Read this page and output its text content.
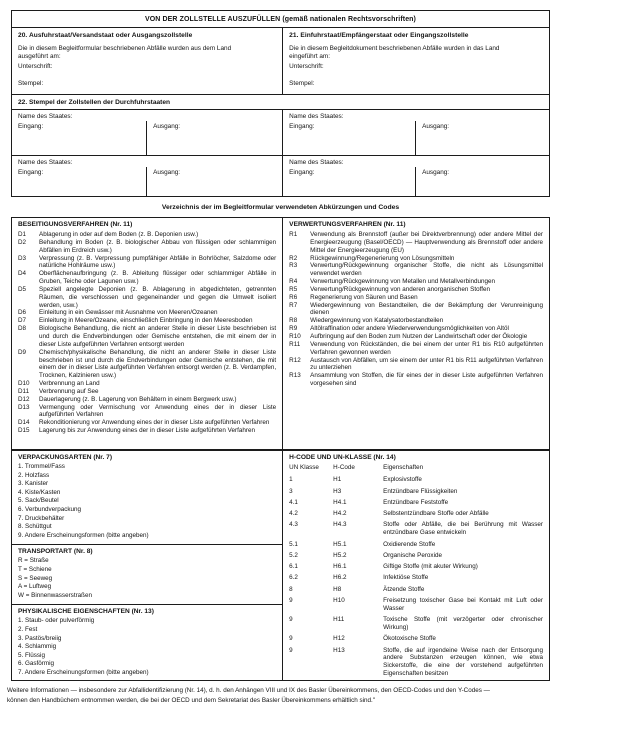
VON DER ZOLLSTELLE AUSZUFÜLLEN (gemäß nationalen Rechtsvorschriften)
20. Ausfuhrstaat/Versandstaat oder Ausgangszollstelle
Die in diesem Begleitformular beschriebenen Abfälle wurden aus dem Land ausgeführt am:
Unterschrift:
Stempel:
21. Einfuhrstaat/Empfängerstaat oder Eingangszollstelle
Die in diesem Begleitdokument beschriebenen Abfälle wurden in das Land eingeführt am:
Unterschrift:
Stempel:
22. Stempel der Zollstellen der Durchfuhrstaaten
Name des Staates:
Eingang:	Ausgang:
Name des Staates:
Eingang:	Ausgang:
Name des Staates:
Eingang:	Ausgang:
Name des Staates:
Eingang:	Ausgang:
Verzeichnis der im Begleitformular verwendeten Abkürzungen und Codes
BESEITIGUNGSVERFAHREN (Nr. 11)
D1	Ablagerung in oder auf dem Boden (z. B. Deponien usw.)
D2	Behandlung im Boden (z. B. biologischer Abbau von flüssigen oder schlammigen Abfällen im Erdreich usw.)
D3	Verpressung (z. B. Verpressung pumpfähiger Abfälle in Bohrlöcher, Salzdome oder natürliche Hohlräume usw.)
D4	Oberflächenaufbringung (z. B. Ableitung flüssiger oder schlammiger Abfälle in Gruben, Teiche oder Lagunen usw.)
D5	Speziell angelegte Deponien (z. B. Ablagerung in abgedichteten, getrennten Räumen, die verschlossen und gegeneinander und gegen die Umwelt isoliert werden, usw.)
D6	Einleitung in ein Gewässer mit Ausnahme von Meeren/Ozeanen
D7	Einleitung in Meere/Ozeane, einschließlich Einbringung in den Meeresboden
D8	Biologische Behandlung, die nicht an anderer Stelle in dieser Liste beschrieben ist und durch die Endverbindungen oder Gemische entstehen, die mit einem der in dieser Liste aufgeführten Verfahren entsorgt werden
D9	Chemisch/physikalische Behandlung, die nicht an anderer Stelle in dieser Liste beschrieben ist und durch die Endverbindungen oder Gemische entstehen, die mit einem der in dieser Liste aufgeführten Verfahren entsorgt werden (z. B. Verdampfen, Trocknen, Kalzinieren usw.)
D10	Verbrennung an Land
D11	Verbrennung auf See
D12	Dauerlagerung (z. B. Lagerung von Behältern in einem Bergwerk usw.)
D13	Vermengung oder Vermischung vor Anwendung eines der in dieser Liste aufgeführten Verfahren
D14	Rekonditionierung vor Anwendung eines der in dieser Liste aufgeführten Verfahren
D15	Lagerung bis zur Anwendung eines der in dieser Liste aufgeführten Verfahren
VERWERTUNGSVERFAHREN (Nr. 11)
R1	Verwendung als Brennstoff (außer bei Direktverbrennung) oder andere Mittel der Energieerzeugung (Basel/OECD) — Hauptverwendung als Brennstoff oder andere Mittel der Energieerzeugung (EU)
R2	Rückgewinnung/Regenerierung von Lösungsmitteln
R3	Verwertung/Rückgewinnung organischer Stoffe, die nicht als Lösungsmittel verwendet werden
R4	Verwertung/Rückgewinnung von Metallen und Metallverbindungen
R5	Verwertung/Rückgewinnung von anderen anorganischen Stoffen
R6	Regenerierung von Säuren und Basen
R7	Wiedergewinnung von Bestandteilen, die der Bekämpfung der Verunreinigung dienen
R8	Wiedergewinnung von Katalysatorbestandteilen
R9	Altölraffination oder andere Wiederverwendungsmöglichkeiten von Altöl
R10	Aufbringung auf den Boden zum Nutzen der Landwirtschaft oder der Ökologie
R11	Verwendung von Rückständen, die bei einem der unter R1 bis R10 aufgeführten Verfahren gewonnen werden
R12	Austausch von Abfällen, um sie einem der unter R1 bis R11 aufgeführten Verfahren zu unterziehen
R13	Ansammlung von Stoffen, die für eines der in dieser Liste aufgeführten Verfahren vorgesehen sind
VERPACKUNGSARTEN (Nr. 7)
1. Trommel/Fass
2. Holzfass
3. Kanister
4. Kiste/Kasten
5. Sack/Beutel
6. Verbundverpackung
7. Druckbehälter
8. Schüttgut
9. Andere Erscheinungsformen (bitte angeben)
TRANSPORTART (Nr. 8)
R = Straße
T = Schiene
S = Seeweg
A = Luftweg
W = Binnenwasserstraßen
PHYSIKALISCHE EIGENSCHAFTEN (Nr. 13)
1. Staub- oder pulverförmig
2. Fest
3. Pastös/breiig
4. Schlammig
5. Flüssig
6. Gasförmig
7. Andere Erscheinungsformen (bitte angeben)
H-CODE UND UN-KLASSE (Nr. 14)
UN Klasse	H-Code	Eigenschaften
1	H1	Explosivstoffe
3	H3	Entzündbare Flüssigkeiten
4.1	H4.1	Entzündbare Feststoffe
4.2	H4.2	Selbstentzündbare Stoffe oder Abfälle
4.3	H4.3	Stoffe oder Abfälle, die bei Berührung mit Wasser entzündbare Gase entwickeln
5.1	H5.1	Oxidierende Stoffe
5.2	H5.2	Organische Peroxide
6.1	H6.1	Giftige Stoffe (mit akuter Wirkung)
6.2	H6.2	Infektiöse Stoffe
8	H8	Ätzende Stoffe
9	H10	Freisetzung toxischer Gase bei Kontakt mit Luft oder Wasser
9	H11	Toxische Stoffe (mit verzögerter oder chronischer Wirkung)
9	H12	Ökotoxische Stoffe
9	H13	Stoffe, die auf irgendeine Weise nach der Entsorgung andere Substanzen erzeugen können, wie etwa Sickerstoffe, die eine der vorstehend aufgeführten Eigenschaften besitzen
Weitere Informationen — insbesondere zur Abfallidentifizierung (Nr. 14), d. h. den Anhängen VIII und IX des Basler Übereinkommens, den OECD-Codes und den Y-Codes —
können den Handbüchern entnommen werden, die bei der OECD und dem Sekretariat des Basler Übereinkommens erhältlich sind."
